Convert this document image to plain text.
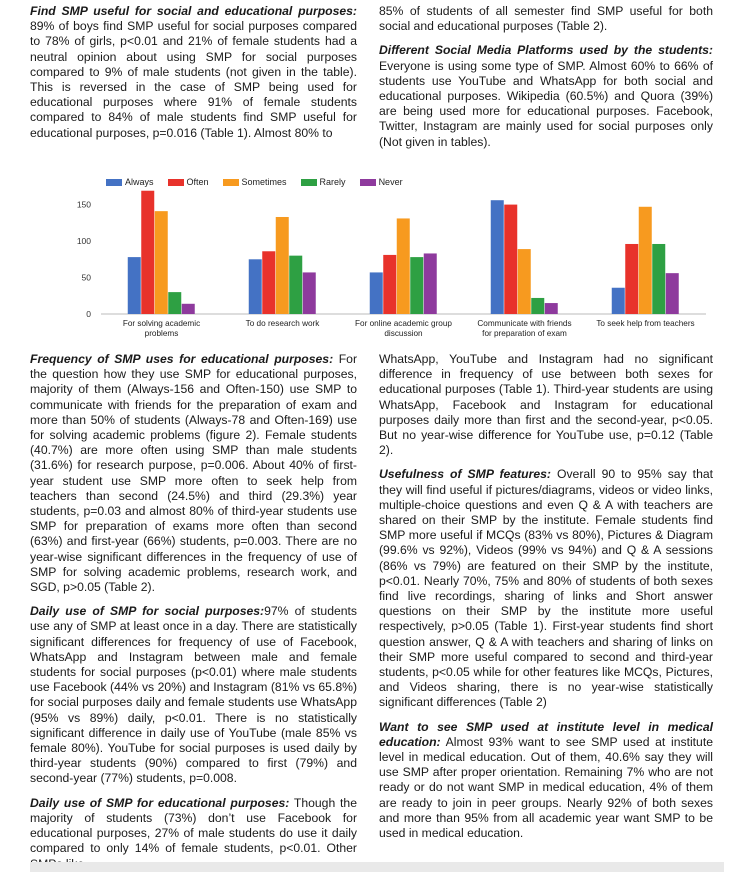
Find SMP useful for social and educational purposes: 89% of boys find SMP useful for social purposes compared to 78% of girls, p<0.01 and 21% of female students had a neutral opinion about using SMP for social purposes compared to 9% of male students (not given in the table). This is reversed in the case of SMP being used for educational purposes where 91% of female students compared to 84% of male students find SMP useful for educational purposes, p=0.016 (Table 1). Almost 80% to

85% of students of all semester find SMP useful for both social and educational purposes (Table 2).

Different Social Media Platforms used by the students: Everyone is using some type of SMP. Almost 60% to 66% of students use YouTube and WhatsApp for both social and educational purposes. Wikipedia (60.5%) and Quora (39%) are being used more for educational purposes. Facebook, Twitter, Instagram are mainly used for social purposes only (Not given in tables).

Always	Often	Sometimes	Rarely	Never
0
50
100
150
For solving academic
problems
To do research work	For online academic group
discussion
Communicate with friends
for preparation of exam
To seek help from teachers

Frequency of SMP uses for educational purposes: For the question how they use SMP for educational purposes, majority of them (Always-156 and Often-150) use SMP to communicate with friends for the preparation of exam and more than 50% of students (Always-78 and Often-169) use for solving academic problems (figure 2). Female students (40.7%) are more often using SMP than male students (31.6%) for research purpose, p=0.006. About 40% of first-year student use SMP more often to seek help from teachers than second (24.5%) and third (29.3%) year students, p=0.03 and almost 80% of third-year students use SMP for preparation of exams more often than second (63%) and first-year (66%) students, p=0.003. There are no year-wise significant differences in the frequency of use of SMP for solving academic problems, research work, and SGD, p>0.05 (Table 2).

Daily use of SMP for social purposes:97% of students use any of SMP at least once in a day. There are statistically significant differences for frequency of use of Facebook, WhatsApp and Instagram between male and female students for social purposes (p<0.01) where male students use Facebook (44% vs 20%) and Instagram (81% vs 65.8%) for social purposes daily and female students use WhatsApp (95% vs 89%) daily, p<0.01. There is no statistically significant difference in daily use of YouTube (male 85% vs female 80%). YouTube for social purposes is used daily by third-year students (90%) compared to first (79%) and second-year (77%) students, p=0.008.

Daily use of SMP for educational purposes: Though the majority of students (73%) don’t use Facebook for educational purposes, 27% of male students do use it daily compared to only 14% of female students, p<0.01. Other

WhatsApp, YouTube and Instagram had no significant difference in frequency of use between both sexes for educational purposes (Table 1). Third-year students are using WhatsApp, Facebook and Instagram for educational purposes daily more than first and the second-year, p<0.05. But no year-wise difference for YouTube use, p=0.12 (Table 2).

Usefulness of SMP features: Overall 90 to 95% say that they will find useful if pictures/diagrams, videos or video links, multiple-choice questions and even Q & A with teachers are shared on their SMP by the institute. Female students find SMP more useful if MCQs (83% vs 80%), Pictures & Diagram (99.6% vs 92%), Videos (99% vs 94%) and Q & A sessions (86% vs 79%) are featured on their SMP by the institute, p<0.01. Nearly 70%, 75% and 80% of students of both sexes find live recordings, sharing of links and Short answer questions on their SMP by the institute more useful respectively, p>0.05 (Table 1). First-year students find short question answer, Q & A with teachers and sharing of links on their SMP more useful compared to second and third-year students, p<0.05 while for other features like MCQs, Pictures, and Videos sharing, there is no year-wise statistically significant differences (Table 2)

Want to see SMP used at institute level in medical education: Almost 93% want to see SMP used at institute level in medical education. Out of them, 40.6% say they will use SMP after proper orientation. Remaining 7% who are not ready or do not want SMP in medical education, 4% of them are ready to join in peer groups. Nearly 92% of both sexes and more than 95% from all academic year want SMP to be used in medical education.
